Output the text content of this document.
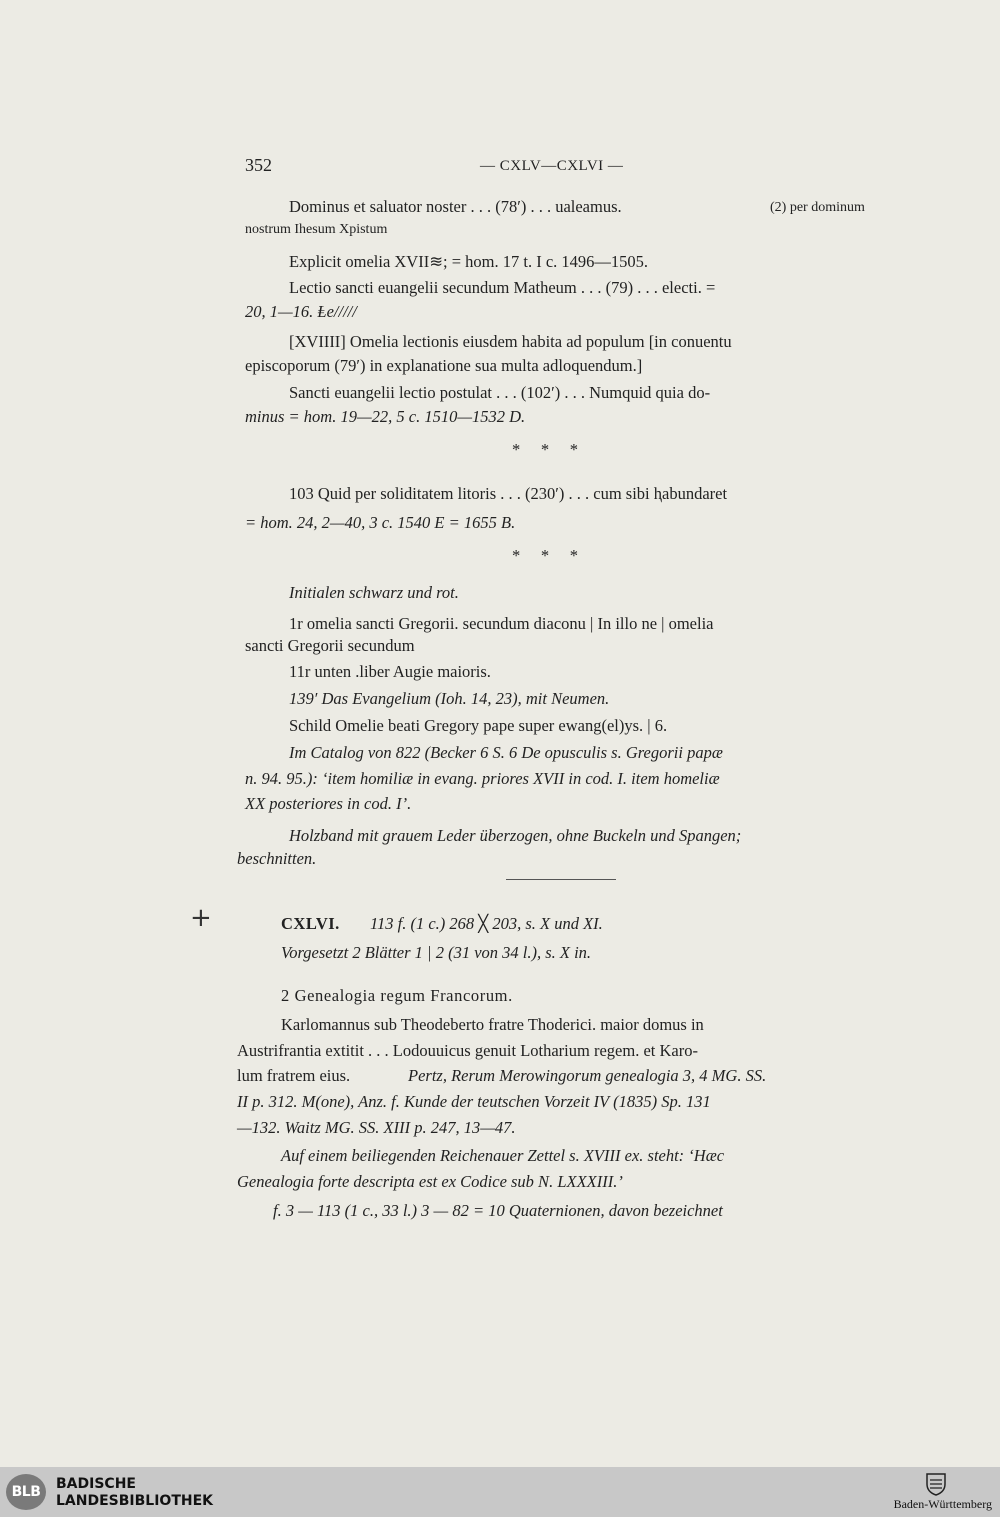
352	— CXLV—CXLVI —
Dominus et saluator noster . . . (78′) . . . ualeamus.	(2) per dominum
nostrum Ihesum Xpistum
Explicit omelia XVII≋; = hom. 17 t. I c. 1496—1505.
Lectio sancti euangelii secundum Matheum . . . (79) . . . electi. =
20, 1—16. Ⱡe/////
[XVIIII] Omelia lectionis eiusdem habita ad populum [in conuentu
episcoporum (79′) in explanatione sua multa adloquendum.]
Sancti euangelii lectio postulat . . . (102′) . . . Numquid quia do-
minus = hom. 19—22, 5 c. 1510—1532 D.
*     *     *
103 Quid per soliditatem litoris . . . (230′) . . . cum sibi ⱨabundaret
= hom. 24, 2—40, 3 c. 1540 E = 1655 B.
*     *     *
Initialen schwarz und rot.
1r omelia sancti Gregorii. secundum diaconu | In illo ne | omelia
sancti Gregorii secundum
11r unten .liber Augie maioris.
139′ Das Evangelium (Ioh. 14, 23), mit Neumen.
Schild Omelie beati Gregory pape super ewang(el)ys. | 6.
Im Catalog von 822 (Becker 6 S. 6 De opusculis s. Gregorii papæ
n. 94. 95.): ‘item homiliæ in evang. priores XVII in cod. I. item homeliæ
XX posteriores in cod. I’.
Holzband mit grauem Leder überzogen, ohne Buckeln und Spangen;
beschnitten.
+	CXLVI. 113 f. (1 c.) 268 ╳ 203, s. X und XI.
Vorgesetzt 2 Blätter 1 | 2 (31 von 34 l.), s. X in.
2 Genealogia regum Francorum.
Karlomannus sub Theodeberto fratre Thoderici. maior domus in
Austrifrantia extitit . . . Lodouuicus genuit Lotharium regem. et Karo-
lum fratrem eius.	Pertz, Rerum Merowingorum genealogia 3, 4 MG. SS.
II p. 312. M(one), Anz. f. Kunde der teutschen Vorzeit IV (1835) Sp. 131
—132. Waitz MG. SS. XIII p. 247, 13—47.
Auf einem beiliegenden Reichenauer Zettel s. XVIII ex. steht: ‘Hæc
Genealogia forte descripta est ex Codice sub N. LXXXIII.’
f. 3 — 113 (1 c., 33 l.) 3 — 82 = 10 Quaternionen, davon bezeichnet
BLB	BADISCHE
LANDESBIBLIOTHEK	Baden-Württemberg
